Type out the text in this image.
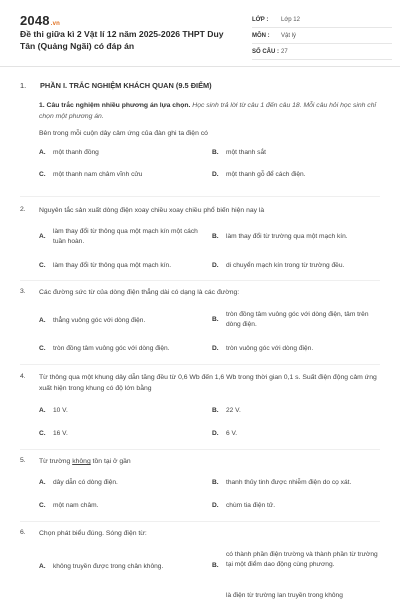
2048.vn
Đề thi giữa kì 2 Vật lí 12 năm 2025-2026 THPT Duy Tân (Quảng Ngãi) có đáp án
LỚP :	Lớp 12
MÔN :	Vật lý
SỐ CÂU : 27
1. PHẦN I. TRẮC NGHIỆM KHÁCH QUAN (9.5 ĐIỂM)
1. Câu trắc nghiệm nhiều phương án lựa chọn. Học sinh trả lời từ câu 1 đến câu 18. Mỗi câu hỏi học sinh chỉ chọn một phương án.
Bên trong mỗi cuộn dây cảm ứng của đàn ghi ta điện có
A. một thanh đồng	B. một thanh sắt
C. một thanh nam châm vĩnh cửu	D. một thanh gỗ để cách điện.
2. Nguyên tắc sản xuất dòng điện xoay chiều xoay chiều phổ biến hiện nay là
A.
làm thay đổi từ thông qua một mạch kín một cách tuần hoàn.
B. làm thay đổi từ trường qua một mạch kín.
C. làm thay đổi từ thông qua một mạch kín.	D. di chuyển mạch kín trong từ trường đều.
3. Các đường sức từ của dòng điện thẳng dài có dạng là các đường:
A. thẳng vuông góc với dòng điện.	B.
tròn đồng tâm vuông góc với dòng điện, tâm trên dòng điện.
C. tròn đồng tâm vuông góc với dòng điện.	D. tròn vuông góc với dòng điện.
4. Từ thông qua một khung dây dẫn tăng đều từ 0,6 Wb đến 1,6 Wb trong thời gian 0,1 s. Suất điện động cảm ứng xuất hiện trong khung có độ lớn bằng
A. 10 V.	B. 22 V.
C. 16 V.	D. 6 V.
5. Từ trường không tồn tại ở gần
A. dây dẫn có dòng điện.	B. thanh thủy tinh được nhiễm điện do cọ xát.
C. một nam châm.	D. chùm tia điện tử.
6. Chọn phát biểu đúng. Sóng điện từ:
A. không truyền được trong chân không.	B.
có thành phần điện trường và thành phần từ trường tại một điểm dao động cùng phương.
là điện từ trường lan truyền trong không
